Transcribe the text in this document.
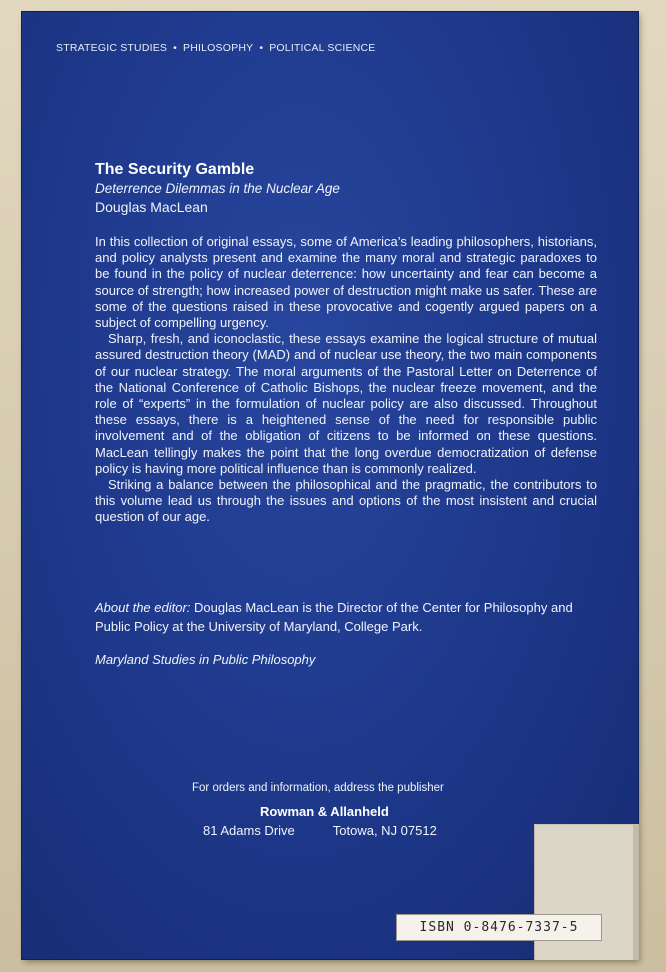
STRATEGIC STUDIES • PHILOSOPHY • POLITICAL SCIENCE
The Security Gamble
Deterrence Dilemmas in the Nuclear Age
Douglas MacLean

In this collection of original essays, some of America’s leading philosophers, historians, and policy analysts present and examine the many moral and strategic paradoxes to be found in the policy of nuclear deterrence: how uncertainty and fear can become a source of strength; how increased power of destruction might make us safer. These are some of the questions raised in these provocative and cogently argued papers on a subject of compelling urgency.

Sharp, fresh, and iconoclastic, these essays examine the logical structure of mutual assured destruction theory (MAD) and of nuclear use theory, the two main components of our nuclear strategy. The moral arguments of the Pastoral Letter on Deterrence of the National Conference of Catholic Bishops, the nuclear freeze movement, and the role of “experts” in the formulation of nuclear policy are also discussed. Throughout these essays, there is a heightened sense of the need for responsible public involvement and of the obligation of citizens to be informed on these questions. MacLean tellingly makes the point that the long overdue democratization of defense policy is having more political influence than is commonly realized.

Striking a balance between the philosophical and the pragmatic, the contributors to this volume lead us through the issues and options of the most insistent and crucial question of our age.

About the editor: Douglas MacLean is the Director of the Center for Philosophy and Public Policy at the University of Maryland, College Park.
Maryland Studies in Public Philosophy
For orders and information, address the publisher
Rowman & Allanheld
81 Adams Drive	Totowa, NJ 07512
ISBN 0-8476-7337-5
